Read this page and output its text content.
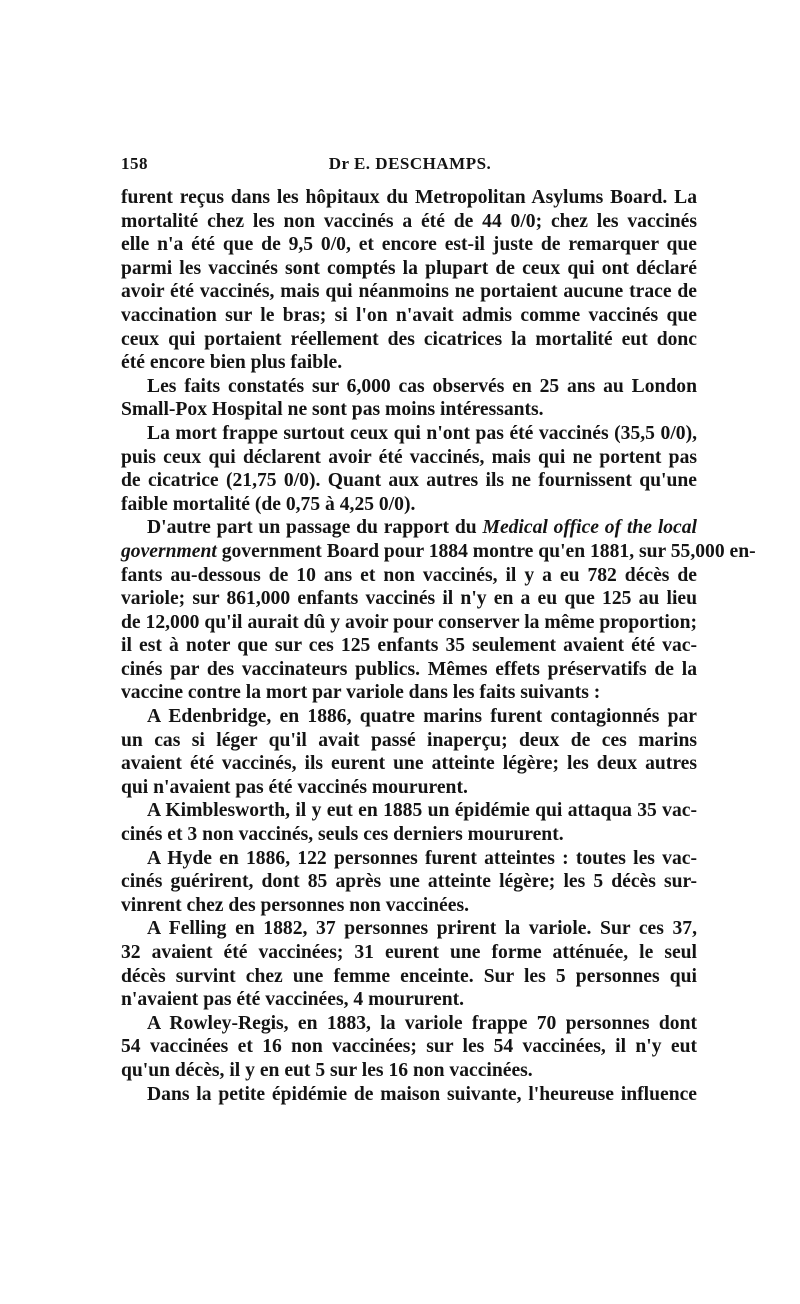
158	Dr E. DESCHAMPS.

furent reçus dans les hôpitaux du Metropolitan Asylums Board. La
mortalité chez les non vaccinés a été de 44 0/0; chez les vaccinés
elle n'a été que de 9,5 0/0, et encore est-il juste de remarquer que
parmi les vaccinés sont comptés la plupart de ceux qui ont déclaré
avoir été vaccinés, mais qui néanmoins ne portaient aucune trace de
vaccination sur le bras; si l'on n'avait admis comme vaccinés que
ceux qui portaient réellement des cicatrices la mortalité eut donc
été encore bien plus faible.

Les faits constatés sur 6,000 cas observés en 25 ans au London
Small-Pox Hospital ne sont pas moins intéressants.

La mort frappe surtout ceux qui n'ont pas été vaccinés (35,5 0/0),
puis ceux qui déclarent avoir été vaccinés, mais qui ne portent pas
de cicatrice (21,75 0/0). Quant aux autres ils ne fournissent qu'une
faible mortalité (de 0,75 à 4,25 0/0).

D'autre part un passage du rapport du Medical office of the local
government government Board pour 1884 montre qu'en 1881, sur 55,000 en-
fants au-dessous de 10 ans et non vaccinés, il y a eu 782 décès de
variole; sur 861,000 enfants vaccinés il n'y en a eu que 125 au lieu
de 12,000 qu'il aurait dû y avoir pour conserver la même proportion;
il est à noter que sur ces 125 enfants 35 seulement avaient été vac-
cinés par des vaccinateurs publics. Mêmes effets préservatifs de la
vaccine contre la mort par variole dans les faits suivants :

A Edenbridge, en 1886, quatre marins furent contagionnés par
un cas si léger qu'il avait passé inaperçu; deux de ces marins
avaient été vaccinés, ils eurent une atteinte légère; les deux autres
qui n'avaient pas été vaccinés moururent.

A Kimblesworth, il y eut en 1885 un épidémie qui attaqua 35 vac-
cinés et 3 non vaccinés, seuls ces derniers moururent.

A Hyde en 1886, 122 personnes furent atteintes : toutes les vac-
cinés guérirent, dont 85 après une atteinte légère; les 5 décès sur-
vinrent chez des personnes non vaccinées.

A Felling en 1882, 37 personnes prirent la variole. Sur ces 37,
32 avaient été vaccinées; 31 eurent une forme atténuée, le seul
décès survint chez une femme enceinte. Sur les 5 personnes qui
n'avaient pas été vaccinées, 4 moururent.

A Rowley-Regis, en 1883, la variole frappe 70 personnes dont
54 vaccinées et 16 non vaccinées; sur les 54 vaccinées, il n'y eut
qu'un décès, il y en eut 5 sur les 16 non vaccinées.

Dans la petite épidémie de maison suivante, l'heureuse influence
